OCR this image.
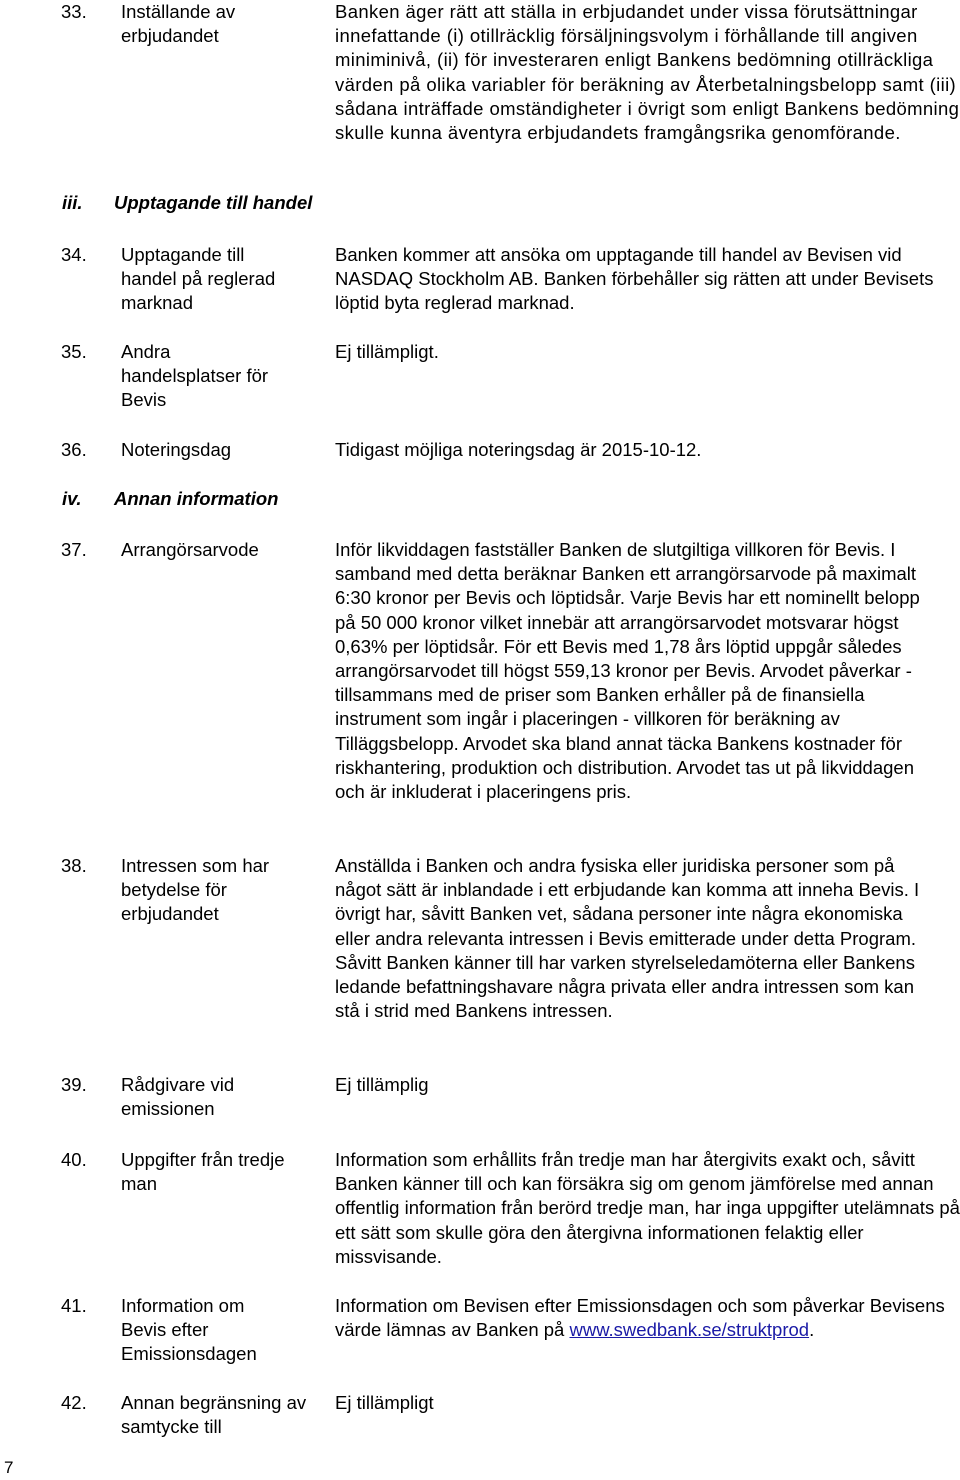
33. Inställande av erbjudandet
Banken äger rätt att ställa in erbjudandet under vissa förutsättningar innefattande (i) otillräcklig försäljningsvolym i förhållande till angiven miniminivå, (ii) för investeraren enligt Bankens bedömning otillräckliga värden på olika variabler för beräkning av Återbetalningsbelopp samt (iii) sådana inträffade omständigheter i övrigt som enligt Bankens bedömning skulle kunna äventyra erbjudandets framgångsrika genomförande.
iii. Upptagande till handel
34. Upptagande till handel på reglerad marknad
Banken kommer att ansöka om upptagande till handel av Bevisen vid NASDAQ Stockholm AB. Banken förbehåller sig rätten att under Bevisets löptid byta reglerad marknad.
35. Andra handelsplatser för Bevis
Ej tillämpligt.
36. Noteringsdag	Tidigast möjliga noteringsdag är 2015-10-12.
iv. Annan information
37. Arrangörsarvode	Inför likviddagen fastställer Banken de slutgiltiga villkoren för Bevis. I samband med detta beräknar Banken ett arrangörsarvode på maximalt 6:30 kronor per Bevis och löptidsår. Varje Bevis har ett nominellt belopp på 50 000 kronor vilket innebär att arrangörsarvodet motsvarar högst 0,63% per löptidsår. För ett Bevis med 1,78 års löptid uppgår således arrangörsarvodet till högst 559,13 kronor per Bevis. Arvodet påverkar - tillsammans med de priser som Banken erhåller på de finansiella instrument som ingår i placeringen - villkoren för beräkning av Tilläggsbelopp. Arvodet ska bland annat täcka Bankens kostnader för riskhantering, produktion och distribution. Arvodet tas ut på likviddagen och är inkluderat i placeringens pris.
38. Intressen som har betydelse för erbjudandet
Anställda i Banken och andra fysiska eller juridiska personer som på något sätt är inblandade i ett erbjudande kan komma att inneha Bevis. I övrigt har, såvitt Banken vet, sådana personer inte några ekonomiska eller andra relevanta intressen i Bevis emitterade under detta Program. Såvitt Banken känner till har varken styrelseledamöterna eller Bankens ledande befattningshavare några privata eller andra intressen som kan stå i strid med Bankens intressen.
39. Rådgivare vid emissionen
Ej tillämplig
40. Uppgifter från tredje man
Information som erhållits från tredje man har återgivits exakt och, såvitt Banken känner till och kan försäkra sig om genom jämförelse med annan offentlig information från berörd tredje man, har inga uppgifter utelämnats på ett sätt som skulle göra den återgivna informationen felaktig eller missvisande.
41. Information om Bevis efter Emissionsdagen
Information om Bevisen efter Emissionsdagen och som påverkar Bevisens värde lämnas av Banken på www.swedbank.se/struktprod.
42. Annan begränsning av samtycke till
Ej tillämpligt
7
